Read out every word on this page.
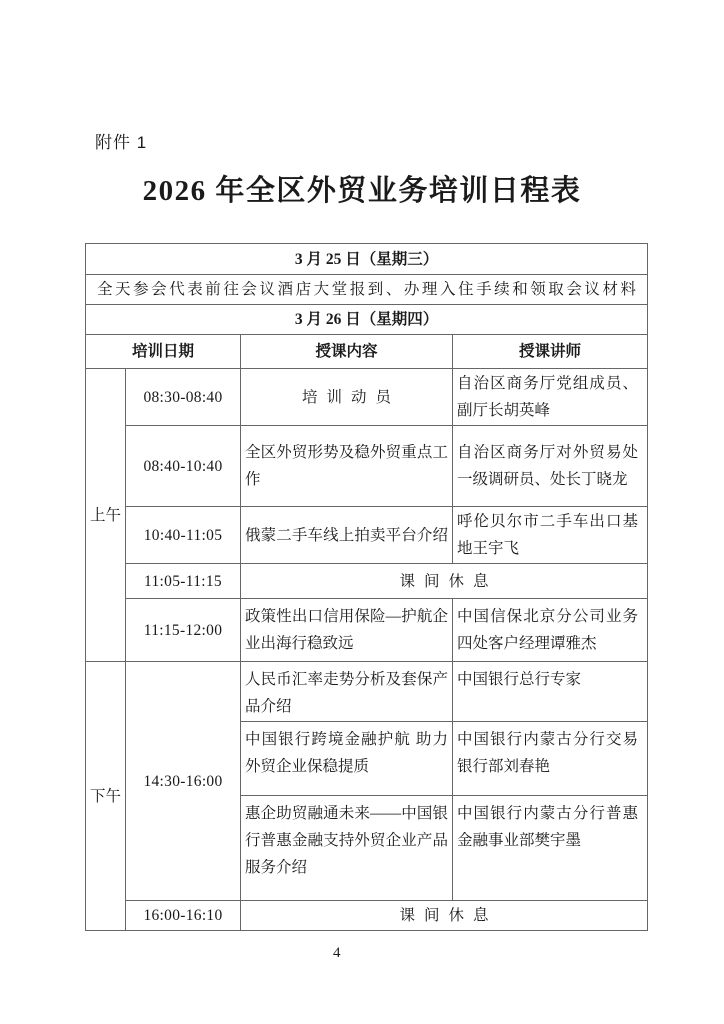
附件 1
2026 年全区外贸业务培训日程表
3 月 25 日（星期三）			
全天参会代表前往会议酒店大堂报到、办理入住手续和领取会议材料			
3 月 26 日（星期四）			
培训日期		授课内容	授课讲师
上午	08:30-08:40	培训动员	自治区商务厅党组成员、副厅长胡英峰
	08:40-10:40	全区外贸形势及稳外贸重点工作	自治区商务厅对外贸易处一级调研员、处长丁晓龙
	10:40-11:05	俄蒙二手车线上拍卖平台介绍	呼伦贝尔市二手车出口基地王宇飞
	11:05-11:15	课间休息	
	11:15-12:00	政策性出口信用保险—护航企业出海行稳致远	中国信保北京分公司业务四处客户经理谭雅杰
下午	14:30-16:00	人民币汇率走势分析及套保产品介绍	中国银行总行专家
		中国银行跨境金融护航 助力外贸企业保稳提质	中国银行内蒙古分行交易银行部刘春艳
		惠企助贸融通未来——中国银行普惠金融支持外贸企业产品服务介绍	中国银行内蒙古分行普惠金融事业部樊宇墨
	16:00-16:10	课间休息	
4
